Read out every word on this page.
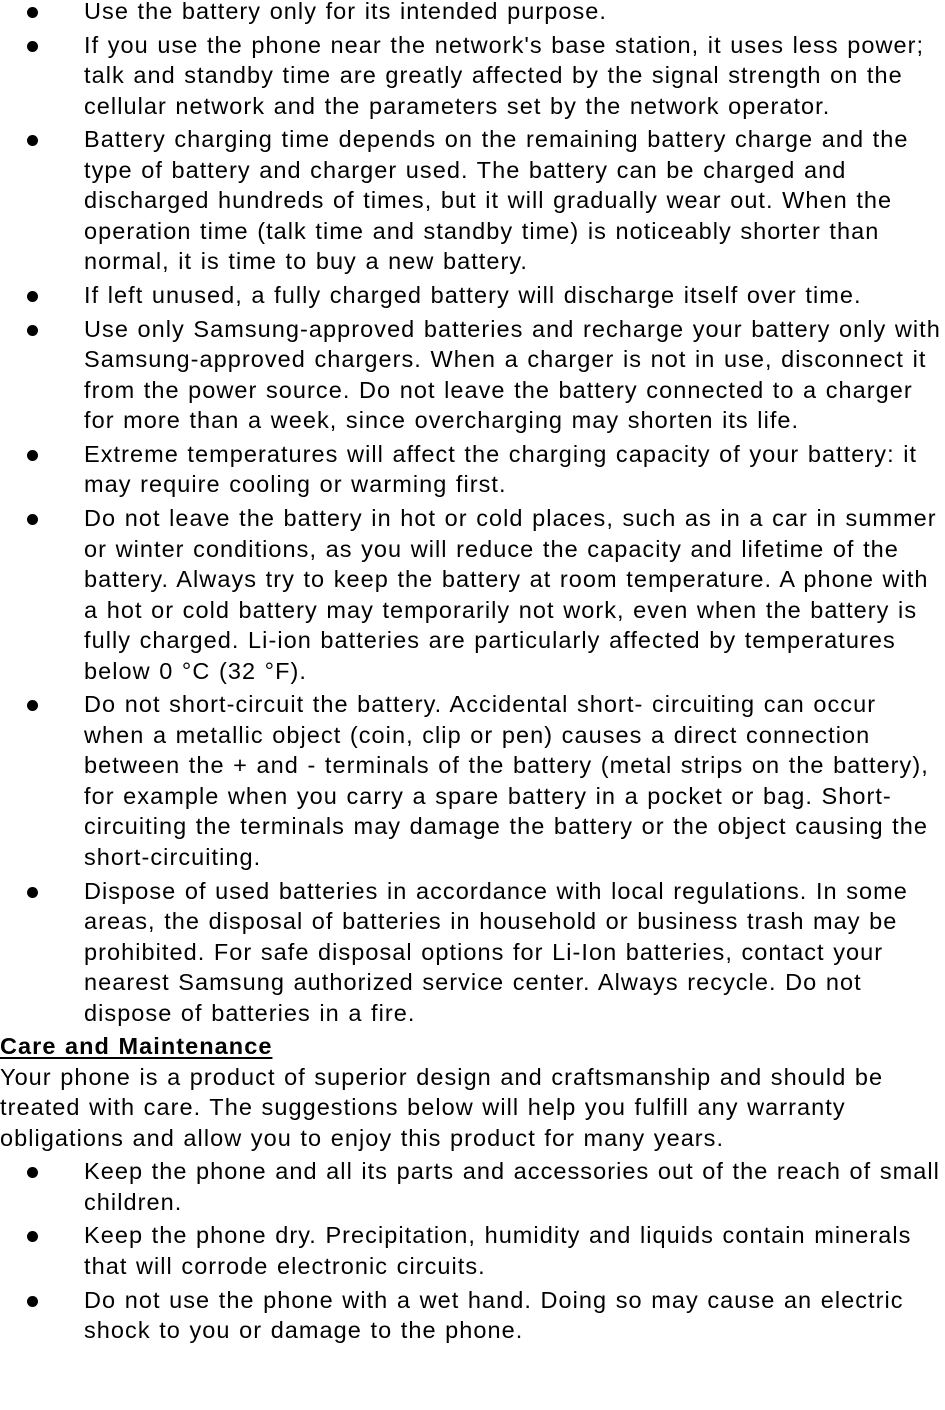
Use the battery only for its intended purpose.
If you use the phone near the network's base station, it uses less power; talk and standby time are greatly affected by the signal strength on the cellular network and the parameters set by the network operator.
Battery charging time depends on the remaining battery charge and the type of battery and charger used. The battery can be charged and discharged hundreds of times, but it will gradually wear out. When the operation time (talk time and standby time) is noticeably shorter than normal, it is time to buy a new battery.
If left unused, a fully charged battery will discharge itself over time.
Use only Samsung-approved batteries and recharge your battery only with Samsung-approved chargers. When a charger is not in use, disconnect it from the power source. Do not leave the battery connected to a charger for more than a week, since overcharging may shorten its life.
Extreme temperatures will affect the charging capacity of your battery: it may require cooling or warming first.
Do not leave the battery in hot or cold places, such as in a car in summer or winter conditions, as you will reduce the capacity and lifetime of the battery. Always try to keep the battery at room temperature. A phone with a hot or cold battery may temporarily not work, even when the battery is fully charged. Li-ion batteries are particularly affected by temperatures below 0 °C (32 °F).
Do not short-circuit the battery. Accidental short- circuiting can occur when a metallic object (coin, clip or pen) causes a direct connection between the + and - terminals of the battery (metal strips on the battery), for example when you carry a spare battery in a pocket or bag. Short-circuiting the terminals may damage the battery or the object causing the short-circuiting.
Dispose of used batteries in accordance with local regulations. In some areas, the disposal of batteries in household or business trash may be prohibited. For safe disposal options for Li-Ion batteries, contact your nearest Samsung authorized service center. Always recycle. Do not dispose of batteries in a fire.
Care and Maintenance

Your phone is a product of superior design and craftsmanship and should be treated with care. The suggestions below will help you fulfill any warranty obligations and allow you to enjoy this product for many years.

Keep the phone and all its parts and accessories out of the reach of small children.
Keep the phone dry. Precipitation, humidity and liquids contain minerals that will corrode electronic circuits.
Do not use the phone with a wet hand. Doing so may cause an electric shock to you or damage to the phone.
